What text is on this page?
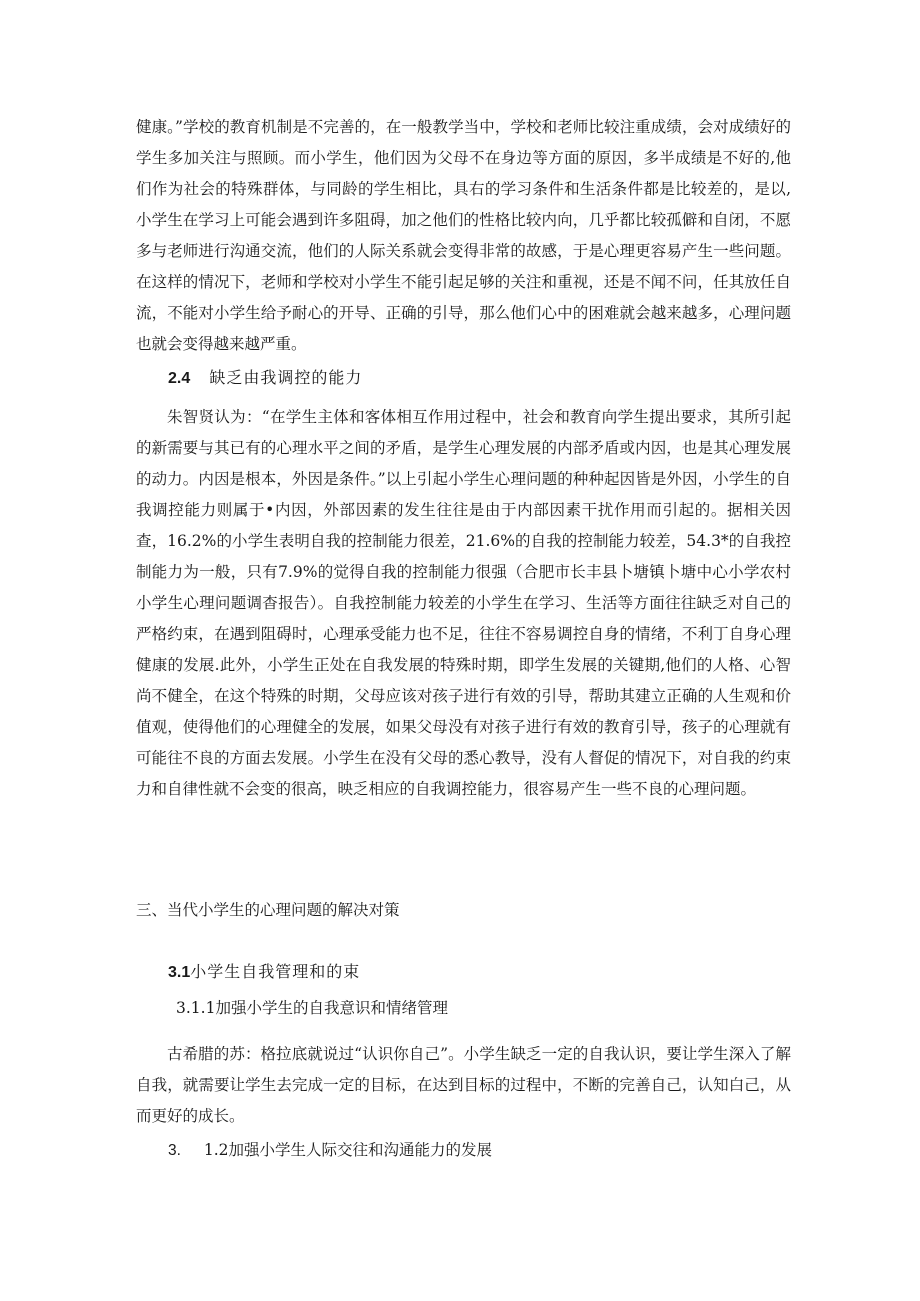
健康。”学校的教育机制是不完善的，在一般教学当中，学校和老师比较注重成绩，会对成绩好的学生多加关注与照顾。而小学生，他们因为父母不在身边等方面的原因，多半成绩是不好的,他们作为社会的特殊群体，与同龄的学生相比，具右的学习条件和生活条件都是比较差的，是以,小学生在学习上可能会遇到许多阻碍，加之他们的性格比较内向，几乎都比较孤僻和自闭，不愿多与老师进行沟通交流，他们的人际关系就会变得非常的故感，于是心理更容易产生一些问题。在这样的情况下，老师和学校对小学生不能引起足够的关注和重视，还是不闻不问，任其放任自流，不能对小学生给予耐心的开导、正确的引导，那么他们心中的困难就会越来越多，心理问题也就会变得越来越严重。

2.4 缺乏由我调控的能力

朱智贤认为：“在学生主体和客体相互作用过程中，社会和教育向学生提出要求，其所引起的新需要与其已有的心理水平之间的矛盾，是学生心理发展的内部矛盾或内因，也是其心理发展的动力。内因是根本，外因是条件。”以上引起小学生心理问题的种种起因皆是外因，小学生的自我调控能力则属于•内因，外部因素的发生往往是由于内部因素干扰作用而引起的。据相关因查，16.2%的小学生表明自我的控制能力很差，21.6%的自我的控制能力较差，54.3*的自我控制能力为一般，只有7.9%的觉得自我的控制能力很强（合肥市长丰县卜塘镇卜塘中心小学农村小学生心理问题调杳报告）。自我控制能力较差的小学生在学习、生活等方面往往缺乏对自己的严格约束，在遇到阻碍时，心理承受能力也不足，往往不容易调控自身的情绪，不利丁自身心理健康的发展.此外，小学生正处在自我发展的特殊时期，即学生发展的关键期,他们的人格、心智尚不健全，在这个特殊的时期，父母应该对孩子进行有效的引导，帮助其建立正确的人生观和价值观，使得他们的心理健全的发展，如果父母没有对孩子进行有效的教育引导，孩子的心理就有可能往不良的方面去发展。小学生在没有父母的悉心教导，没有人督促的情况下，对自我的约束力和自律性就不会变的很高，映乏相应的自我调控能力，很容易产生一些不良的心理问题。

三、当代小学生的心理问题的解决对策
3.1小学生自我管理和的束
3.1.1加强小学生的自我意识和情绪管理

古希腊的苏：格拉底就说过“认识你自己”。小学生缺乏一定的自我认识，要让学生深入了解自我，就需要让学生去完成一定的目标，在达到目标的过程中，不断的完善自己，认知白己，从而更好的成长。

3. 1.2加强小学生人际交往和沟通能力的发展
